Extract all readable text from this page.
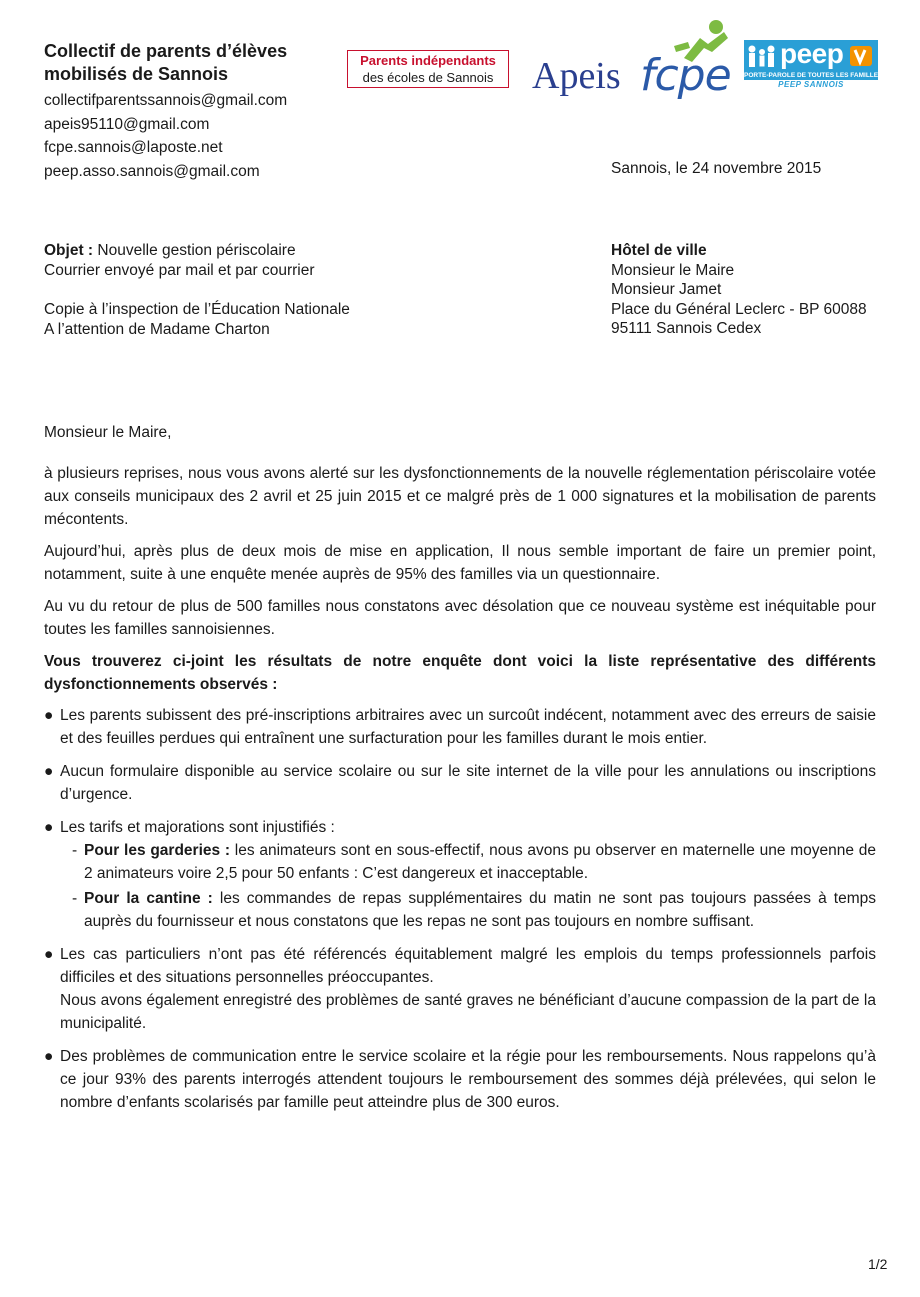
Collectif de parents d’élèves
mobilisés de Sannois
collectifparentssannois@gmail.com
apeis95110@gmail.com
fcpe.sannois@laposte.net
peep.asso.sannois@gmail.com
Parents indépendants
des écoles de Sannois	Apeis fcpe peep
PORTE-PAROLE DE TOUTES LES FAMILLES
PEEP SANNOIS
Sannois, le 24 novembre 2015
Objet : Nouvelle gestion périscolaire
Courrier envoyé par mail et par courrier
Copie à l’inspection de l’Éducation Nationale
A l’attention de Madame Charton
Hôtel de ville
Monsieur le Maire
Monsieur Jamet
Place du Général Leclerc - BP 60088
95111 Sannois Cedex

Monsieur le Maire,

à plusieurs reprises, nous vous avons alerté sur les dysfonctionnements de la nouvelle réglementation périscolaire votée aux conseils municipaux des 2 avril et 25 juin 2015 et ce malgré près de 1 000 signatures et la mobilisation de parents mécontents.

Aujourd’hui, après plus de deux mois de mise en application, Il nous semble important de faire un premier point, notamment, suite à une enquête menée auprès de 95% des familles via un questionnaire.

Au vu du retour de plus de 500 familles nous constatons avec désolation que ce nouveau système est inéquitable pour toutes les familles sannoisiennes.

Vous trouverez ci-joint les résultats de notre enquête dont voici la liste représentative des différents dysfonctionnements observés :

● Les parents subissent des pré-inscriptions arbitraires avec un surcoût indécent, notamment avec des erreurs de saisie et des feuilles perdues qui entraînent une surfacturation pour les familles durant le mois entier.
● Aucun formulaire disponible au service scolaire ou sur le site internet de la ville pour les annulations ou inscriptions d’urgence.
● Les tarifs et majorations sont injustifiés :
- Pour les garderies : les animateurs sont en sous-effectif, nous avons pu observer en maternelle une moyenne de 2 animateurs voire 2,5 pour 50 enfants : C’est dangereux et inacceptable.
- Pour la cantine : les commandes de repas supplémentaires du matin ne sont pas toujours passées à temps auprès du fournisseur et nous constatons que les repas ne sont pas toujours en nombre suffisant.
● Les cas particuliers n’ont pas été référencés équitablement malgré les emplois du temps professionnels parfois difficiles et des situations personnelles préoccupantes.
Nous avons également enregistré des problèmes de santé graves ne bénéficiant d’aucune compassion de la part de la municipalité.
● Des problèmes de communication entre le service scolaire et la régie pour les remboursements. Nous rappelons qu’à ce jour 93% des parents interrogés attendent toujours le remboursement des sommes déjà prélevées, qui selon le nombre d’enfants scolarisés par famille peut atteindre plus de 300 euros.
1/2
